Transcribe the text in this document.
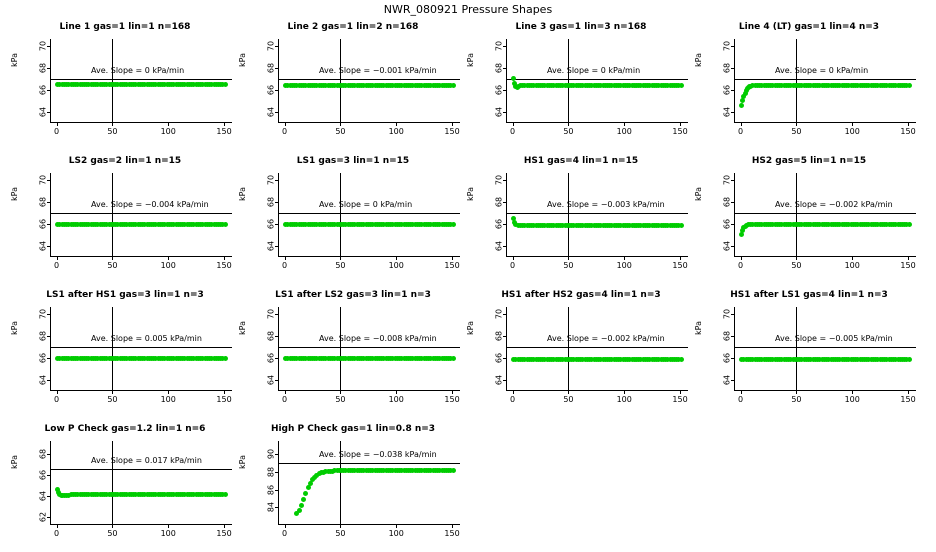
NWR_080921 Pressure Shapes
Line 1 gas=1 lin=1 n=168
kPa
64
66
68
70
0	50	100	150
Ave. Slope = 0 kPa/min
Line 2 gas=1 lin=2 n=168
kPa
64
66
68
70
0	50	100	150
Ave. Slope = −0.001 kPa/min
Line 3 gas=1 lin=3 n=168
kPa
64
66
68
70
0	50	100	150
Ave. Slope = 0 kPa/min
Line 4 (LT) gas=1 lin=4 n=3
kPa
64
66
68
70
0	50	100	150
Ave. Slope = 0 kPa/min
LS2 gas=2 lin=1 n=15
kPa
64
66
68
70
0	50	100	150
Ave. Slope = −0.004 kPa/min
LS1 gas=3 lin=1 n=15
kPa
64
66
68
70
0	50	100	150
Ave. Slope = 0 kPa/min
HS1 gas=4 lin=1 n=15
kPa
64
66
68
70
0	50	100	150
Ave. Slope = −0.003 kPa/min
HS2 gas=5 lin=1 n=15
kPa
64
66
68
70
0	50	100	150
Ave. Slope = −0.002 kPa/min
LS1 after HS1 gas=3 lin=1 n=3
kPa
64
66
68
70
0	50	100	150
Ave. Slope = 0.005 kPa/min
LS1 after LS2 gas=3 lin=1 n=3
kPa
64
66
68
70
0	50	100	150
Ave. Slope = −0.008 kPa/min
HS1 after HS2 gas=4 lin=1 n=3
kPa
64
66
68
70
0	50	100	150
Ave. Slope = −0.002 kPa/min
HS1 after LS1 gas=4 lin=1 n=3
kPa
64
66
68
70
0	50	100	150
Ave. Slope = −0.005 kPa/min
Low P Check gas=1.2 lin=1 n=6
kPa
62
64
66
68
0	50	100	150
Ave. Slope = 0.017 kPa/min
High P Check gas=1 lin=0.8 n=3
kPa
84
86
88
90
0	50	100	150
Ave. Slope = −0.038 kPa/min
